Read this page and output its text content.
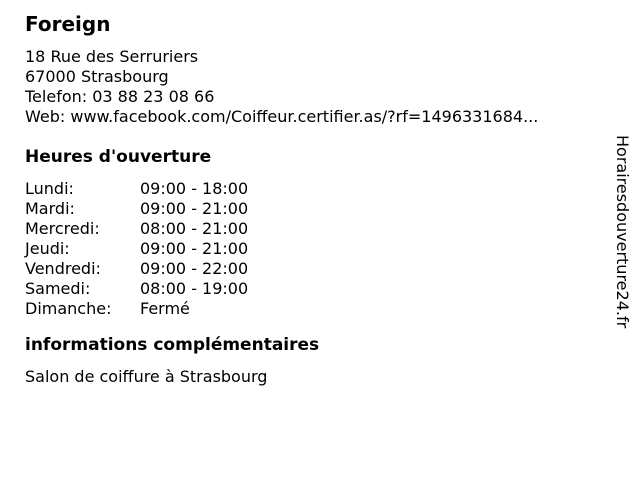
Foreign
18 Rue des Serruriers
67000 Strasbourg
Telefon: 03 88 23 08 66
Web: www.facebook.com/Coiffeur.certifier.as/?rf=1496331684...
Heures d'ouverture
Lundi:	09:00 - 18:00
Mardi:	09:00 - 21:00
Mercredi:	08:00 - 21:00
Jeudi:	09:00 - 21:00
Vendredi:	09:00 - 22:00
Samedi:	08:00 - 19:00
Dimanche:	Fermé
informations complémentaires
Salon de coiffure à Strasbourg
Horairesdouverture24.fr
